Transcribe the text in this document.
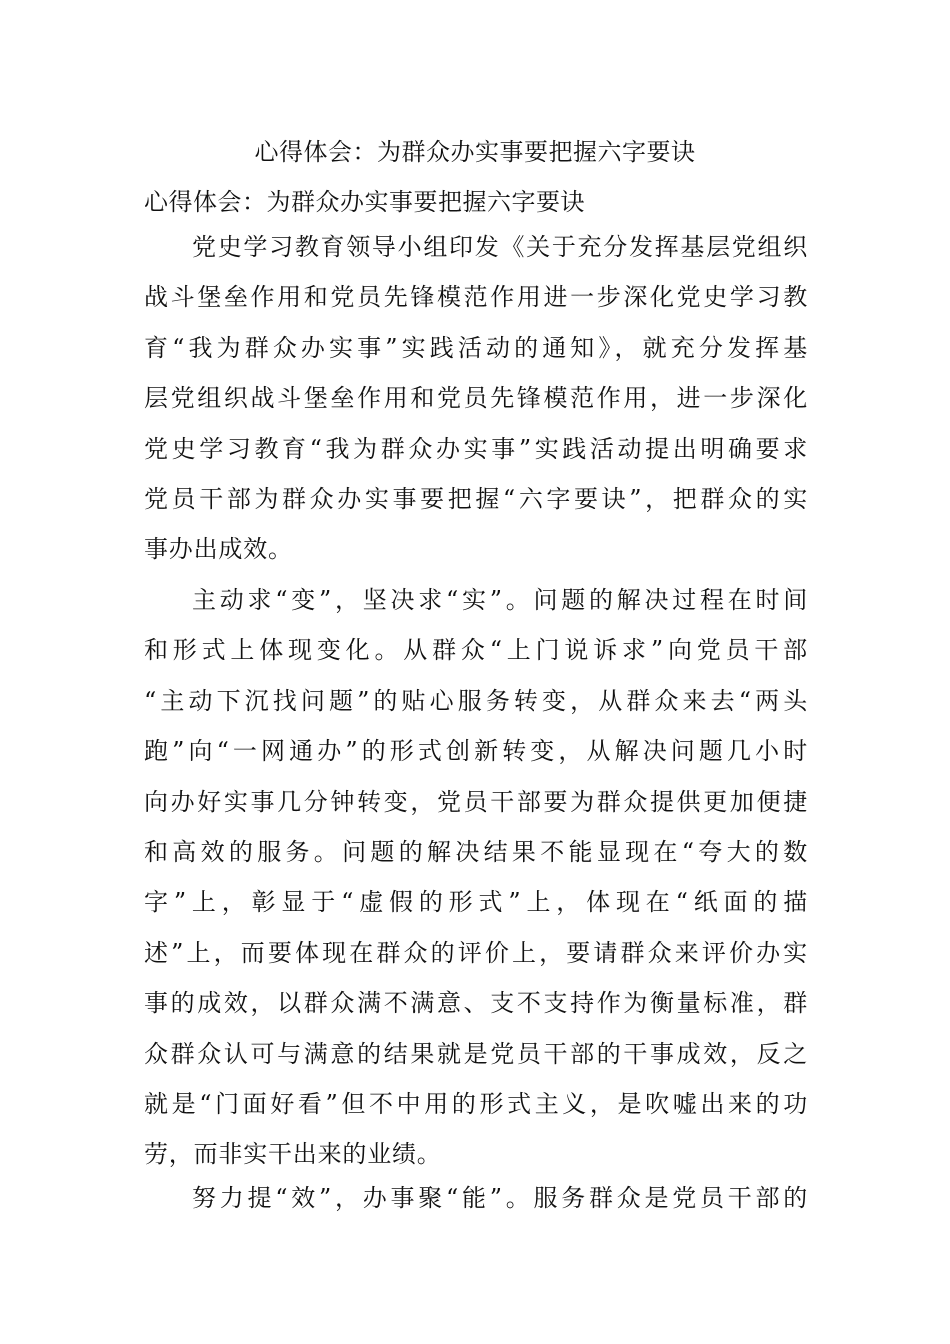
心得体会：为群众办实事要把握六字要诀
心得体会：为群众办实事要把握六字要诀
党史学习教育领导小组印发《关于充分发挥基层党组织
战斗堡垒作用和党员先锋模范作用进一步深化党史学习教
育“我为群众办实事”实践活动的通知》，就充分发挥基
层党组织战斗堡垒作用和党员先锋模范作用，进一步深化
党史学习教育“我为群众办实事”实践活动提出明确要求
党员干部为群众办实事要把握“六字要诀”，把群众的实
事办出成效。
主动求“变”，坚决求“实”。问题的解决过程在时间
和形式上体现变化。从群众“上门说诉求”向党员干部
“主动下沉找问题”的贴心服务转变，从群众来去“两头
跑”向“一网通办”的形式创新转变，从解决问题几小时
向办好实事几分钟转变，党员干部要为群众提供更加便捷
和高效的服务。问题的解决结果不能显现在“夸大的数
字”上，彰显于“虚假的形式”上，体现在“纸面的描
述”上，而要体现在群众的评价上，要请群众来评价办实
事的成效，以群众满不满意、支不支持作为衡量标准，群
众群众认可与满意的结果就是党员干部的干事成效，反之
就是“门面好看”但不中用的形式主义，是吹嘘出来的功
劳，而非实干出来的业绩。
努力提“效”，办事聚“能”。服务群众是党员干部的
